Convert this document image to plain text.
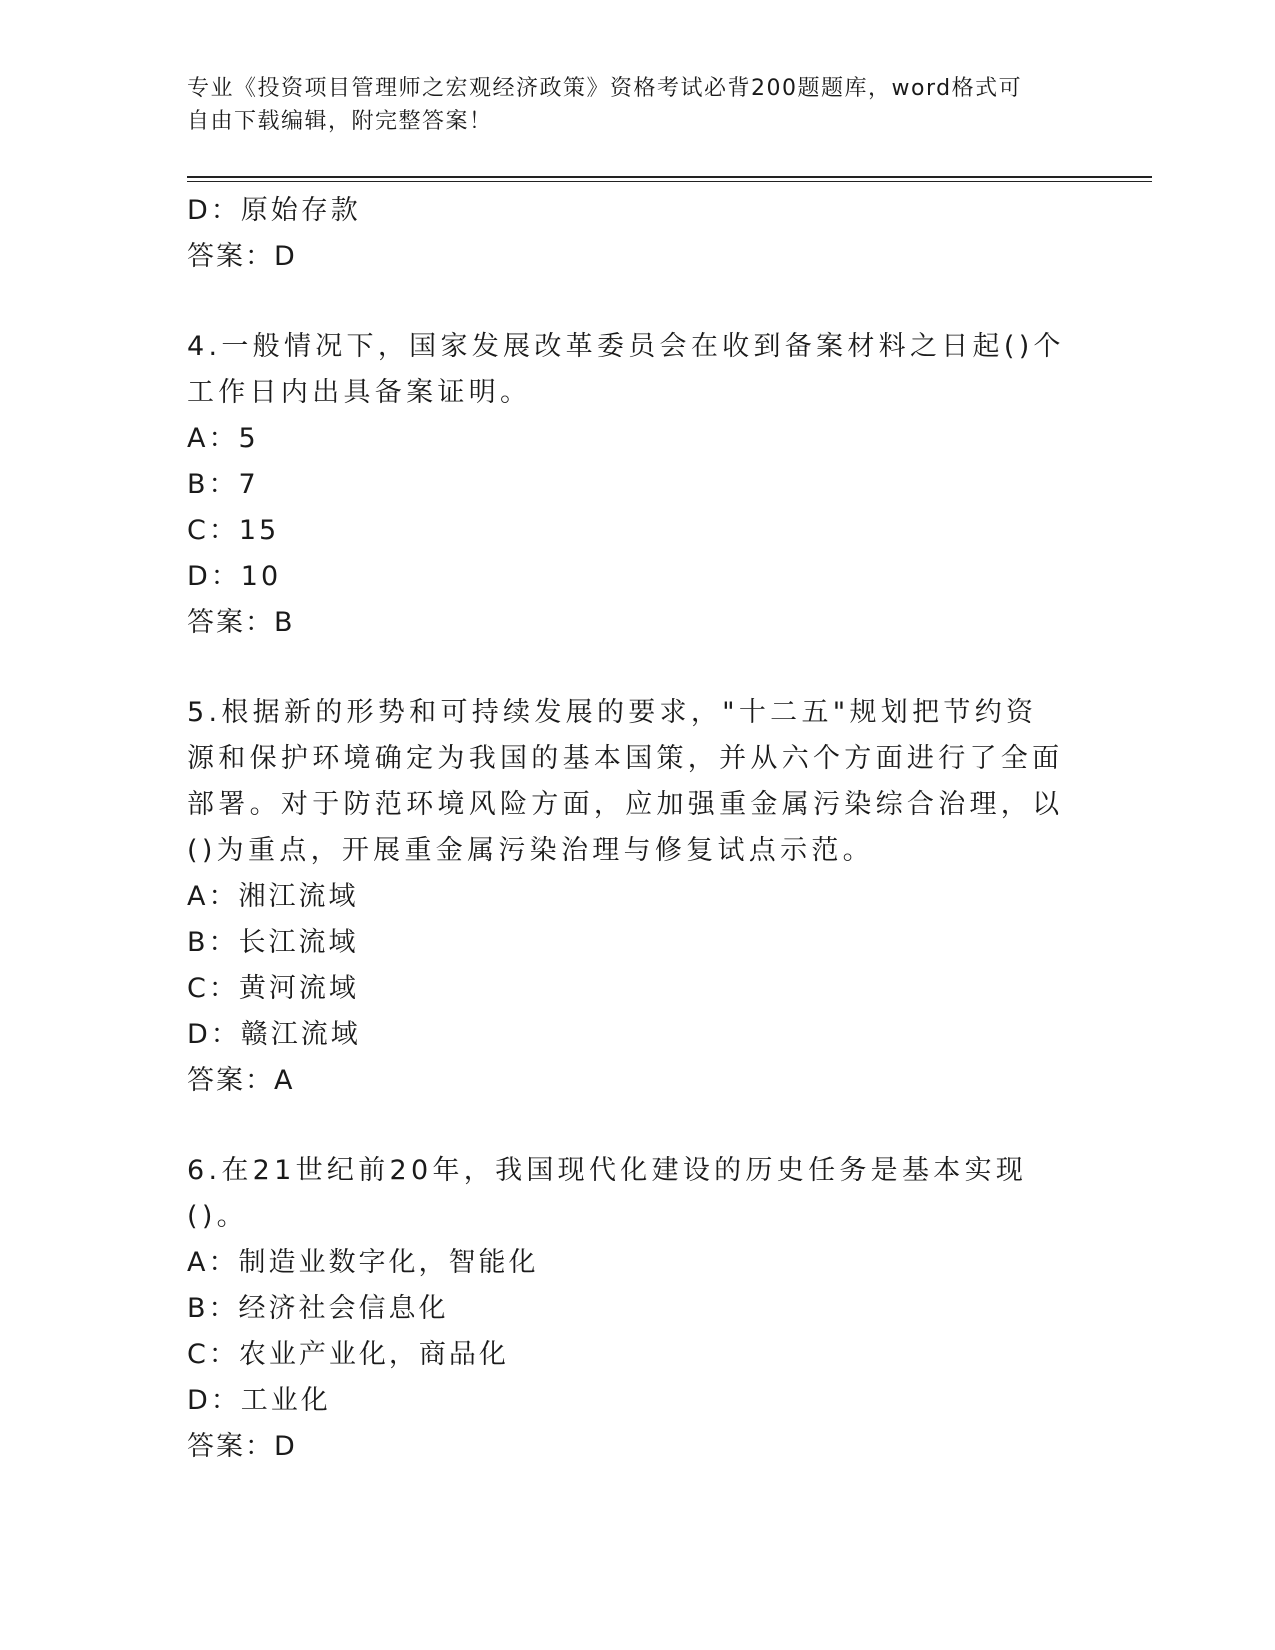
专业《投资项目管理师之宏观经济政策》资格考试必背200题题库，word格式可
自由下载编辑，附完整答案！
D：原始存款
答案：D
4.一般情况下，国家发展改革委员会在收到备案材料之日起()个工作日内出具备案证明。
A：5
B：7
C：15
D：10
答案：B
5.根据新的形势和可持续发展的要求，"十二五"规划把节约资源和保护环境确定为我国的基本国策，并从六个方面进行了全面部署。对于防范环境风险方面，应加强重金属污染综合治理，以()为重点，开展重金属污染治理与修复试点示范。
A：湘江流域
B：长江流域
C：黄河流域
D：赣江流域
答案：A
6.在21世纪前20年，我国现代化建设的历史任务是基本实现()。
A：制造业数字化，智能化
B：经济社会信息化
C：农业产业化，商品化
D：工业化
答案：D
